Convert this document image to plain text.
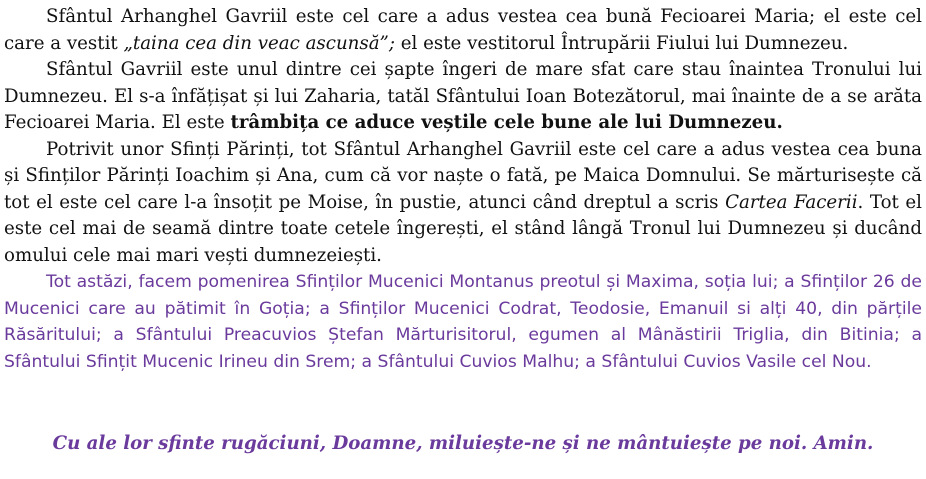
Sfântul Arhanghel Gavriil este cel care a adus vestea cea bună Fecioarei Maria; el este cel care a vestit „taina cea din veac ascunsă”; el este vestitorul Întrupării Fiului lui Dumnezeu.

Sfântul Gavriil este unul dintre cei șapte îngeri de mare sfat care stau înaintea Tronului lui Dumnezeu. El s-a înfățișat și lui Zaharia, tatăl Sfântului Ioan Botezătorul, mai înainte de a se arăta Fecioarei Maria. El este trâmbița ce aduce veștile cele bune ale lui Dumnezeu.

Potrivit unor Sfinți Părinți, tot Sfântul Arhanghel Gavriil este cel care a adus vestea cea buna și Sfinților Părinți Ioachim și Ana, cum că vor naște o fată, pe Maica Domnului. Se mărturisește că tot el este cel care l-a însoțit pe Moise, în pustie, atunci când dreptul a scris Cartea Facerii. Tot el este cel mai de seamă dintre toate cetele îngerești, el stând lângă Tronul lui Dumnezeu și ducând omului cele mai mari vești dumnezeiești.

Tot astăzi, facem pomenirea Sfinților Mucenici Montanus preotul și Maxima, soția lui; a Sfinților 26 de Mucenici care au pătimit în Goția; a Sfinților Mucenici Codrat, Teodosie, Emanuil si alți 40, din părțile Răsăritului; a Sfântului Preacuvios Ștefan Mărturisitorul, egumen al Mânăstirii Triglia, din Bitinia; a Sfântului Sfințit Mucenic Irineu din Srem; a Sfântului Cuvios Malhu; a Sfântului Cuvios Vasile cel Nou.

Cu ale lor sfinte rugăciuni, Doamne, miluiește-ne și ne mântuiește pe noi. Amin.
